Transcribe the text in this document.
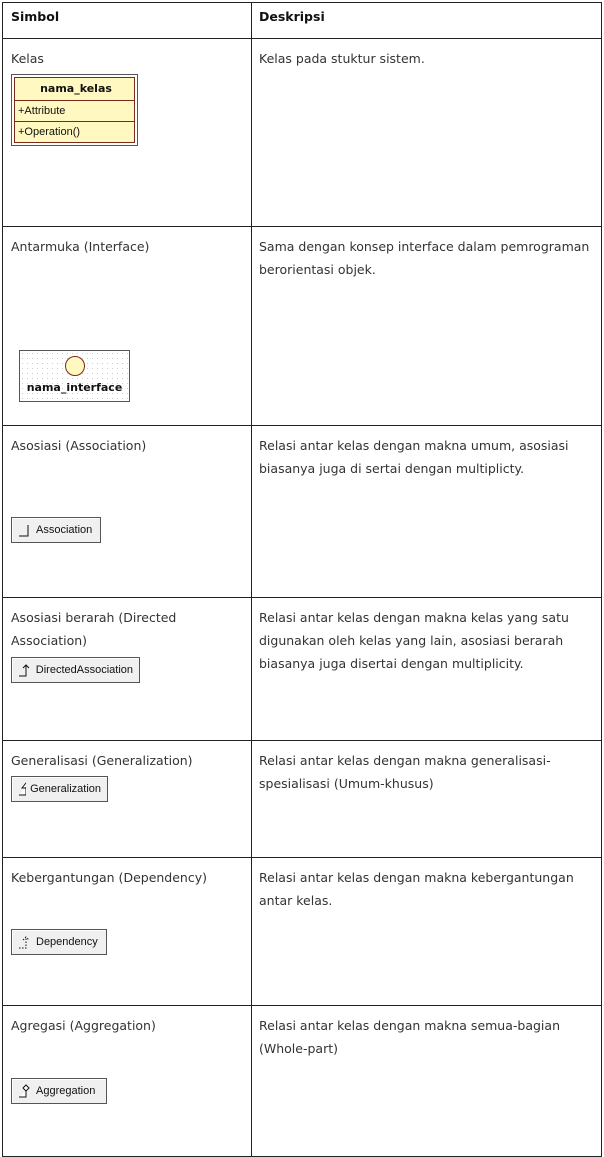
Simbol	Deskripsi
Kelas
nama_kelas
+Attribute
+Operation()
Kelas pada stuktur sistem.
Antarmuka (Interface)
nama_interface
Sama dengan konsep interface dalam pemrograman berorientasi objek.
Asosiasi (Association)
Association
Relasi antar kelas dengan makna umum, asosiasi biasanya juga di sertai dengan multiplicty.
Asosiasi berarah (Directed Association)
DirectedAssociation
Relasi antar kelas dengan makna kelas yang satu digunakan oleh kelas yang lain, asosiasi berarah biasanya juga disertai dengan multiplicity.
Generalisasi (Generalization)
Generalization
Relasi antar kelas dengan makna generalisasi-spesialisasi (Umum-khusus)
Kebergantungan (Dependency)
Dependency
Relasi antar kelas dengan makna kebergantungan antar kelas.
Agregasi (Aggregation)
Aggregation
Relasi antar kelas dengan makna semua-bagian (Whole-part)
